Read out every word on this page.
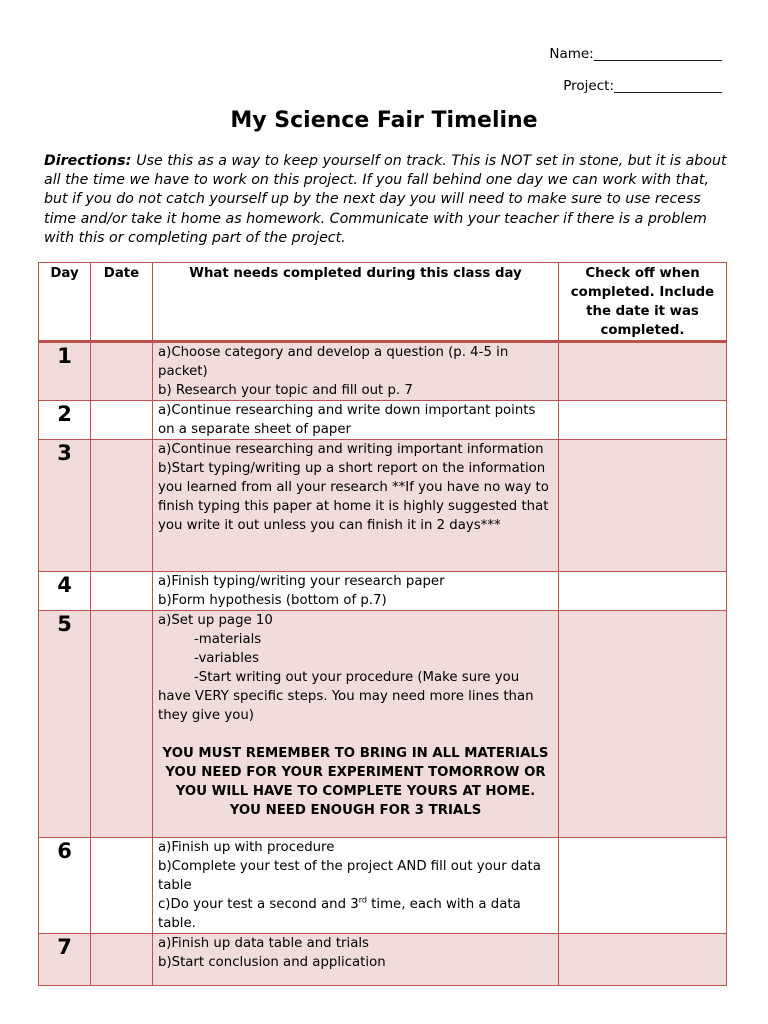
Name:___________________
Project:________________
My Science Fair Timeline
Directions: Use this as a way to keep yourself on track. This is NOT set in stone, but it is about all the time we have to work on this project. If you fall behind one day we can work with that, but if you do not catch yourself up by the next day you will need to make sure to use recess time and/or take it home as homework. Communicate with your teacher if there is a problem with this or completing part of the project.
Day	Date	What needs completed during this class day	Check off when completed. Include the date it was completed.
1		a)Choose category and develop a question (p. 4-5 in packet)
b) Research your topic and fill out p. 7	

2		a)Continue researching and write down important points on a separate sheet of paper	

3		a)Continue researching and writing important information
b)Start typing/writing up a short report on the information you learned from all your research **If you have no way to finish typing this paper at home it is highly suggested that you write it out unless you can finish it in 2 days***	

4		a)Finish typing/writing your research paper
b)Form hypothesis (bottom of p.7)	

5		a)Set up page 10
-materials
-variables
-Start writing out your procedure (Make sure you have VERY specific steps. You may need more lines than they give you)
YOU MUST REMEMBER TO BRING IN ALL MATERIALS YOU NEED FOR YOUR EXPERIMENT TOMORROW OR YOU WILL HAVE TO COMPLETE YOURS AT HOME. YOU NEED ENOUGH FOR 3 TRIALS	

6		a)Finish up with procedure
b)Complete your test of the project AND fill out your data table
c)Do your test a second and 3rd time, each with a data table.	

7		a)Finish up data table and trials
b)Start conclusion and application	
